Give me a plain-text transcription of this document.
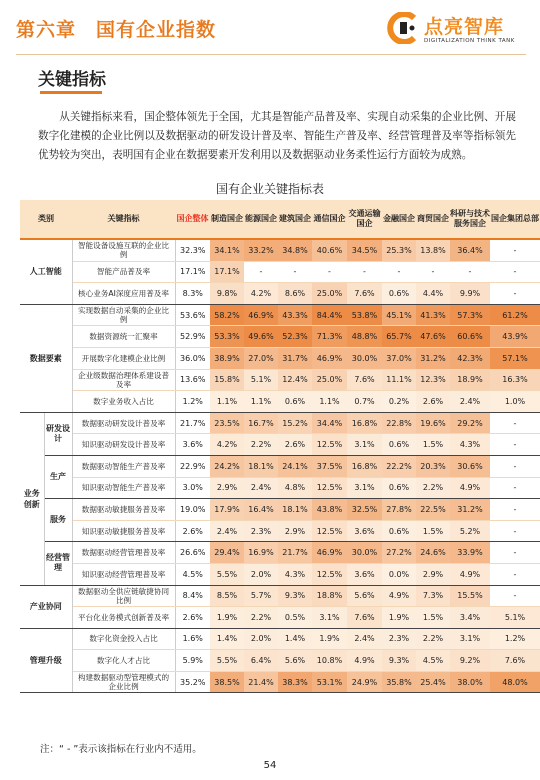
第六章　国有企业指数	点亮智库
DIGITALIZATION THINK TANK
关键指标

从关键指标来看，国企整体领先于全国，尤其是智能产品普及率、实现自动采集的企业比例、开展数字化建模的企业比例以及数据驱动的研发设计普及率、智能生产普及率、经营管理普及率等指标领先优势较为突出，表明国有企业在数据要素开发利用以及数据驱动业务柔性运行方面较为成熟。

国有企业关键指标表
类别		关键指标	国企整体	制造国企	能源国企	建筑国企	通信国企	交通运输国企	金融国企	商贸国企	科研与技术服务国企	国企集团总部
人工智能		智能设备设施互联的企业比例	32.3%	34.1%	33.2%	34.8%	40.6%	34.5%	25.3%	13.8%	36.4%	-
		智能产品普及率	17.1%	17.1%	-	-	-	-	-	-	-	-
		核心业务AI深度应用普及率	8.3%	9.8%	4.2%	8.6%	25.0%	7.6%	0.6%	4.4%	9.9%	-
数据要素		实现数据自动采集的企业比例	53.6%	58.2%	46.9%	43.3%	84.4%	53.8%	45.1%	41.3%	57.3%	61.2%
		数据资源统一汇聚率	52.9%	53.3%	49.6%	52.3%	71.3%	48.8%	65.7%	47.6%	60.6%	43.9%
		开展数字化建模企业比例	36.0%	38.9%	27.0%	31.7%	46.9%	30.0%	37.0%	31.2%	42.3%	57.1%
		企业级数据治理体系建设普及率	13.6%	15.8%	5.1%	12.4%	25.0%	7.6%	11.1%	12.3%	18.9%	16.3%
		数字业务收入占比	1.2%	1.1%	1.1%	0.6%	1.1%	0.7%	0.2%	2.6%	2.4%	1.0%
业务创新	研发设计	数据驱动研发设计普及率	21.7%	23.5%	16.7%	15.2%	34.4%	16.8%	22.8%	19.6%	29.2%	-
		知识驱动研发设计普及率	3.6%	4.2%	2.2%	2.6%	12.5%	3.1%	0.6%	1.5%	4.3%	-
	生产	数据驱动智能生产普及率	22.9%	24.2%	18.1%	24.1%	37.5%	16.8%	22.2%	20.3%	30.6%	-
		知识驱动智能生产普及率	3.0%	2.9%	2.4%	4.8%	12.5%	3.1%	0.6%	2.2%	4.9%	-
	服务	数据驱动敏捷服务普及率	19.0%	17.9%	16.4%	18.1%	43.8%	32.5%	27.8%	22.5%	31.2%	-
		知识驱动敏捷服务普及率	2.6%	2.4%	2.3%	2.9%	12.5%	3.6%	0.6%	1.5%	5.2%	-
	经营管理	数据驱动经营管理普及率	26.6%	29.4%	16.9%	21.7%	46.9%	30.0%	27.2%	24.6%	33.9%	-
		知识驱动经营管理普及率	4.5%	5.5%	2.0%	4.3%	12.5%	3.6%	0.0%	2.9%	4.9%	-
产业协同		数据驱动全供应链敏捷协同比例	8.4%	8.5%	5.7%	9.3%	18.8%	5.6%	4.9%	7.3%	15.5%	-
		平台化业务模式创新普及率	2.6%	1.9%	2.2%	0.5%	3.1%	7.6%	1.9%	1.5%	3.4%	5.1%
管理升级		数字化资金投入占比	1.6%	1.4%	2.0%	1.4%	1.9%	2.4%	2.3%	2.2%	3.1%	1.2%
		数字化人才占比	5.9%	5.5%	6.4%	5.6%	10.8%	4.9%	9.3%	4.5%	9.2%	7.6%
		构建数据驱动型管理模式的企业比例	35.2%	38.5%	21.4%	38.3%	53.1%	24.9%	35.8%	25.4%	38.0%	48.0%
注：“ - ”表示该指标在行业内不适用。
54
